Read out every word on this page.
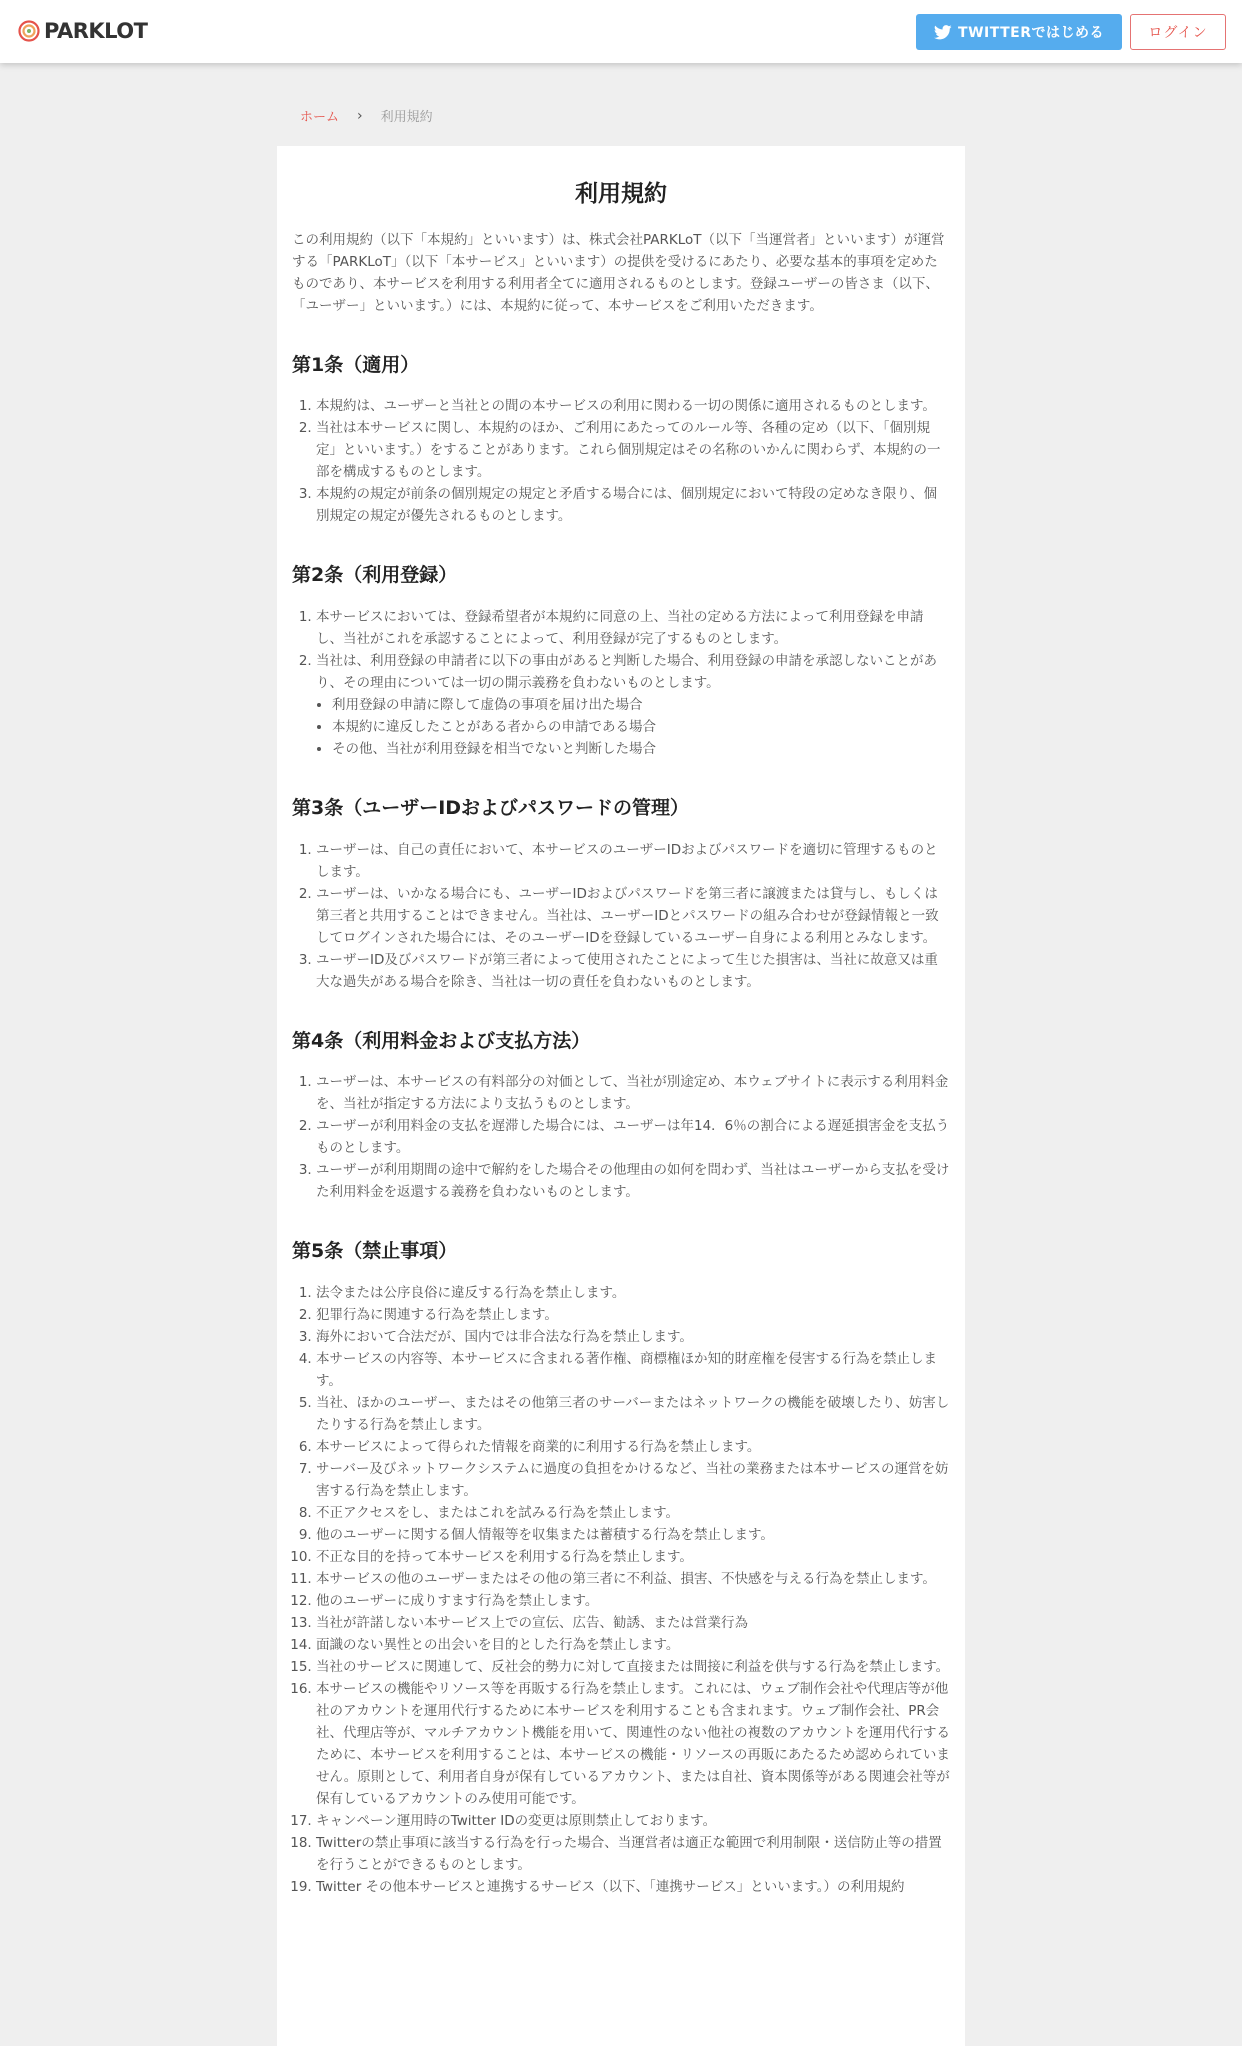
PARKLOT	TWITTERではじめる	ログイン
ホーム › 利用規約
利用規約

この利用規約（以下「本規約」といいます）は、株式会社PARKLoT（以下「当運営者」といいます）が運営する「PARKLoT」（以下「本サービス」といいます）の提供を受けるにあたり、必要な基本的事項を定めたものであり、本サービスを利用する利用者全てに適用されるものとします。登録ユーザーの皆さま（以下、「ユーザー」といいます。）には、本規約に従って、本サービスをご利用いただきます。

第1条（適用）
1. 本規約は、ユーザーと当社との間の本サービスの利用に関わる一切の関係に適用されるものとします。
2. 当社は本サービスに関し、本規約のほか、ご利用にあたってのルール等、各種の定め（以下、「個別規定」といいます。）をすることがあります。これら個別規定はその名称のいかんに関わらず、本規約の一部を構成するものとします。
3. 本規約の規定が前条の個別規定の規定と矛盾する場合には、個別規定において特段の定めなき限り、個別規定の規定が優先されるものとします。
第2条（利用登録）
1. 本サービスにおいては、登録希望者が本規約に同意の上、当社の定める方法によって利用登録を申請し、当社がこれを承認することによって、利用登録が完了するものとします。
2. 当社は、利用登録の申請者に以下の事由があると判断した場合、利用登録の申請を承認しないことがあり、その理由については一切の開示義務を負わないものとします。
• 利用登録の申請に際して虚偽の事項を届け出た場合
• 本規約に違反したことがある者からの申請である場合
• その他、当社が利用登録を相当でないと判断した場合
第3条（ユーザーIDおよびパスワードの管理）
1. ユーザーは、自己の責任において、本サービスのユーザーIDおよびパスワードを適切に管理するものとします。
2. ユーザーは、いかなる場合にも、ユーザーIDおよびパスワードを第三者に譲渡または貸与し、もしくは第三者と共用することはできません。当社は、ユーザーIDとパスワードの組み合わせが登録情報と一致してログインされた場合には、そのユーザーIDを登録しているユーザー自身による利用とみなします。
3. ユーザーID及びパスワードが第三者によって使用されたことによって生じた損害は、当社に故意又は重大な過失がある場合を除き、当社は一切の責任を負わないものとします。
第4条（利用料金および支払方法）
1. ユーザーは、本サービスの有料部分の対価として、当社が別途定め、本ウェブサイトに表示する利用料金を、当社が指定する方法により支払うものとします。
2. ユーザーが利用料金の支払を遅滞した場合には、ユーザーは年14．6％の割合による遅延損害金を支払うものとします。
3. ユーザーが利用期間の途中で解約をした場合その他理由の如何を問わず、当社はユーザーから支払を受けた利用料金を返還する義務を負わないものとします。
第5条（禁止事項）
1. 法令または公序良俗に違反する行為を禁止します。
2. 犯罪行為に関連する行為を禁止します。
3. 海外において合法だが、国内では非合法な行為を禁止します。
4. 本サービスの内容等、本サービスに含まれる著作権、商標権ほか知的財産権を侵害する行為を禁止します。
5. 当社、ほかのユーザー、またはその他第三者のサーバーまたはネットワークの機能を破壊したり、妨害したりする行為を禁止します。
6. 本サービスによって得られた情報を商業的に利用する行為を禁止します。
7. サーバー及びネットワークシステムに過度の負担をかけるなど、当社の業務または本サービスの運営を妨害する行為を禁止します。
8. 不正アクセスをし、またはこれを試みる行為を禁止します。
9. 他のユーザーに関する個人情報等を収集または蓄積する行為を禁止します。
10. 不正な目的を持って本サービスを利用する行為を禁止します。
11. 本サービスの他のユーザーまたはその他の第三者に不利益、損害、不快感を与える行為を禁止します。
12. 他のユーザーに成りすます行為を禁止します。
13. 当社が許諾しない本サービス上での宣伝、広告、勧誘、または営業行為
14. 面識のない異性との出会いを目的とした行為を禁止します。
15. 当社のサービスに関連して、反社会的勢力に対して直接または間接に利益を供与する行為を禁止します。
16. 本サービスの機能やリソース等を再販する行為を禁止します。これには、ウェブ制作会社や代理店等が他社のアカウントを運用代行するために本サービスを利用することも含まれます。ウェブ制作会社、PR会社、代理店等が、マルチアカウント機能を用いて、関連性のない他社の複数のアカウントを運用代行するために、本サービスを利用することは、本サービスの機能・リソースの再販にあたるため認められていません。原則として、利用者自身が保有しているアカウント、または自社、資本関係等がある関連会社等が保有しているアカウントのみ使用可能です。
17. キャンペーン運用時のTwitter IDの変更は原則禁止しております。
18. Twitterの禁止事項に該当する行為を行った場合、当運営者は適正な範囲で利用制限・送信防止等の措置を行うことができるものとします。
19. Twitter その他本サービスと連携するサービス（以下、「連携サービス」といいます。）の利用規約
